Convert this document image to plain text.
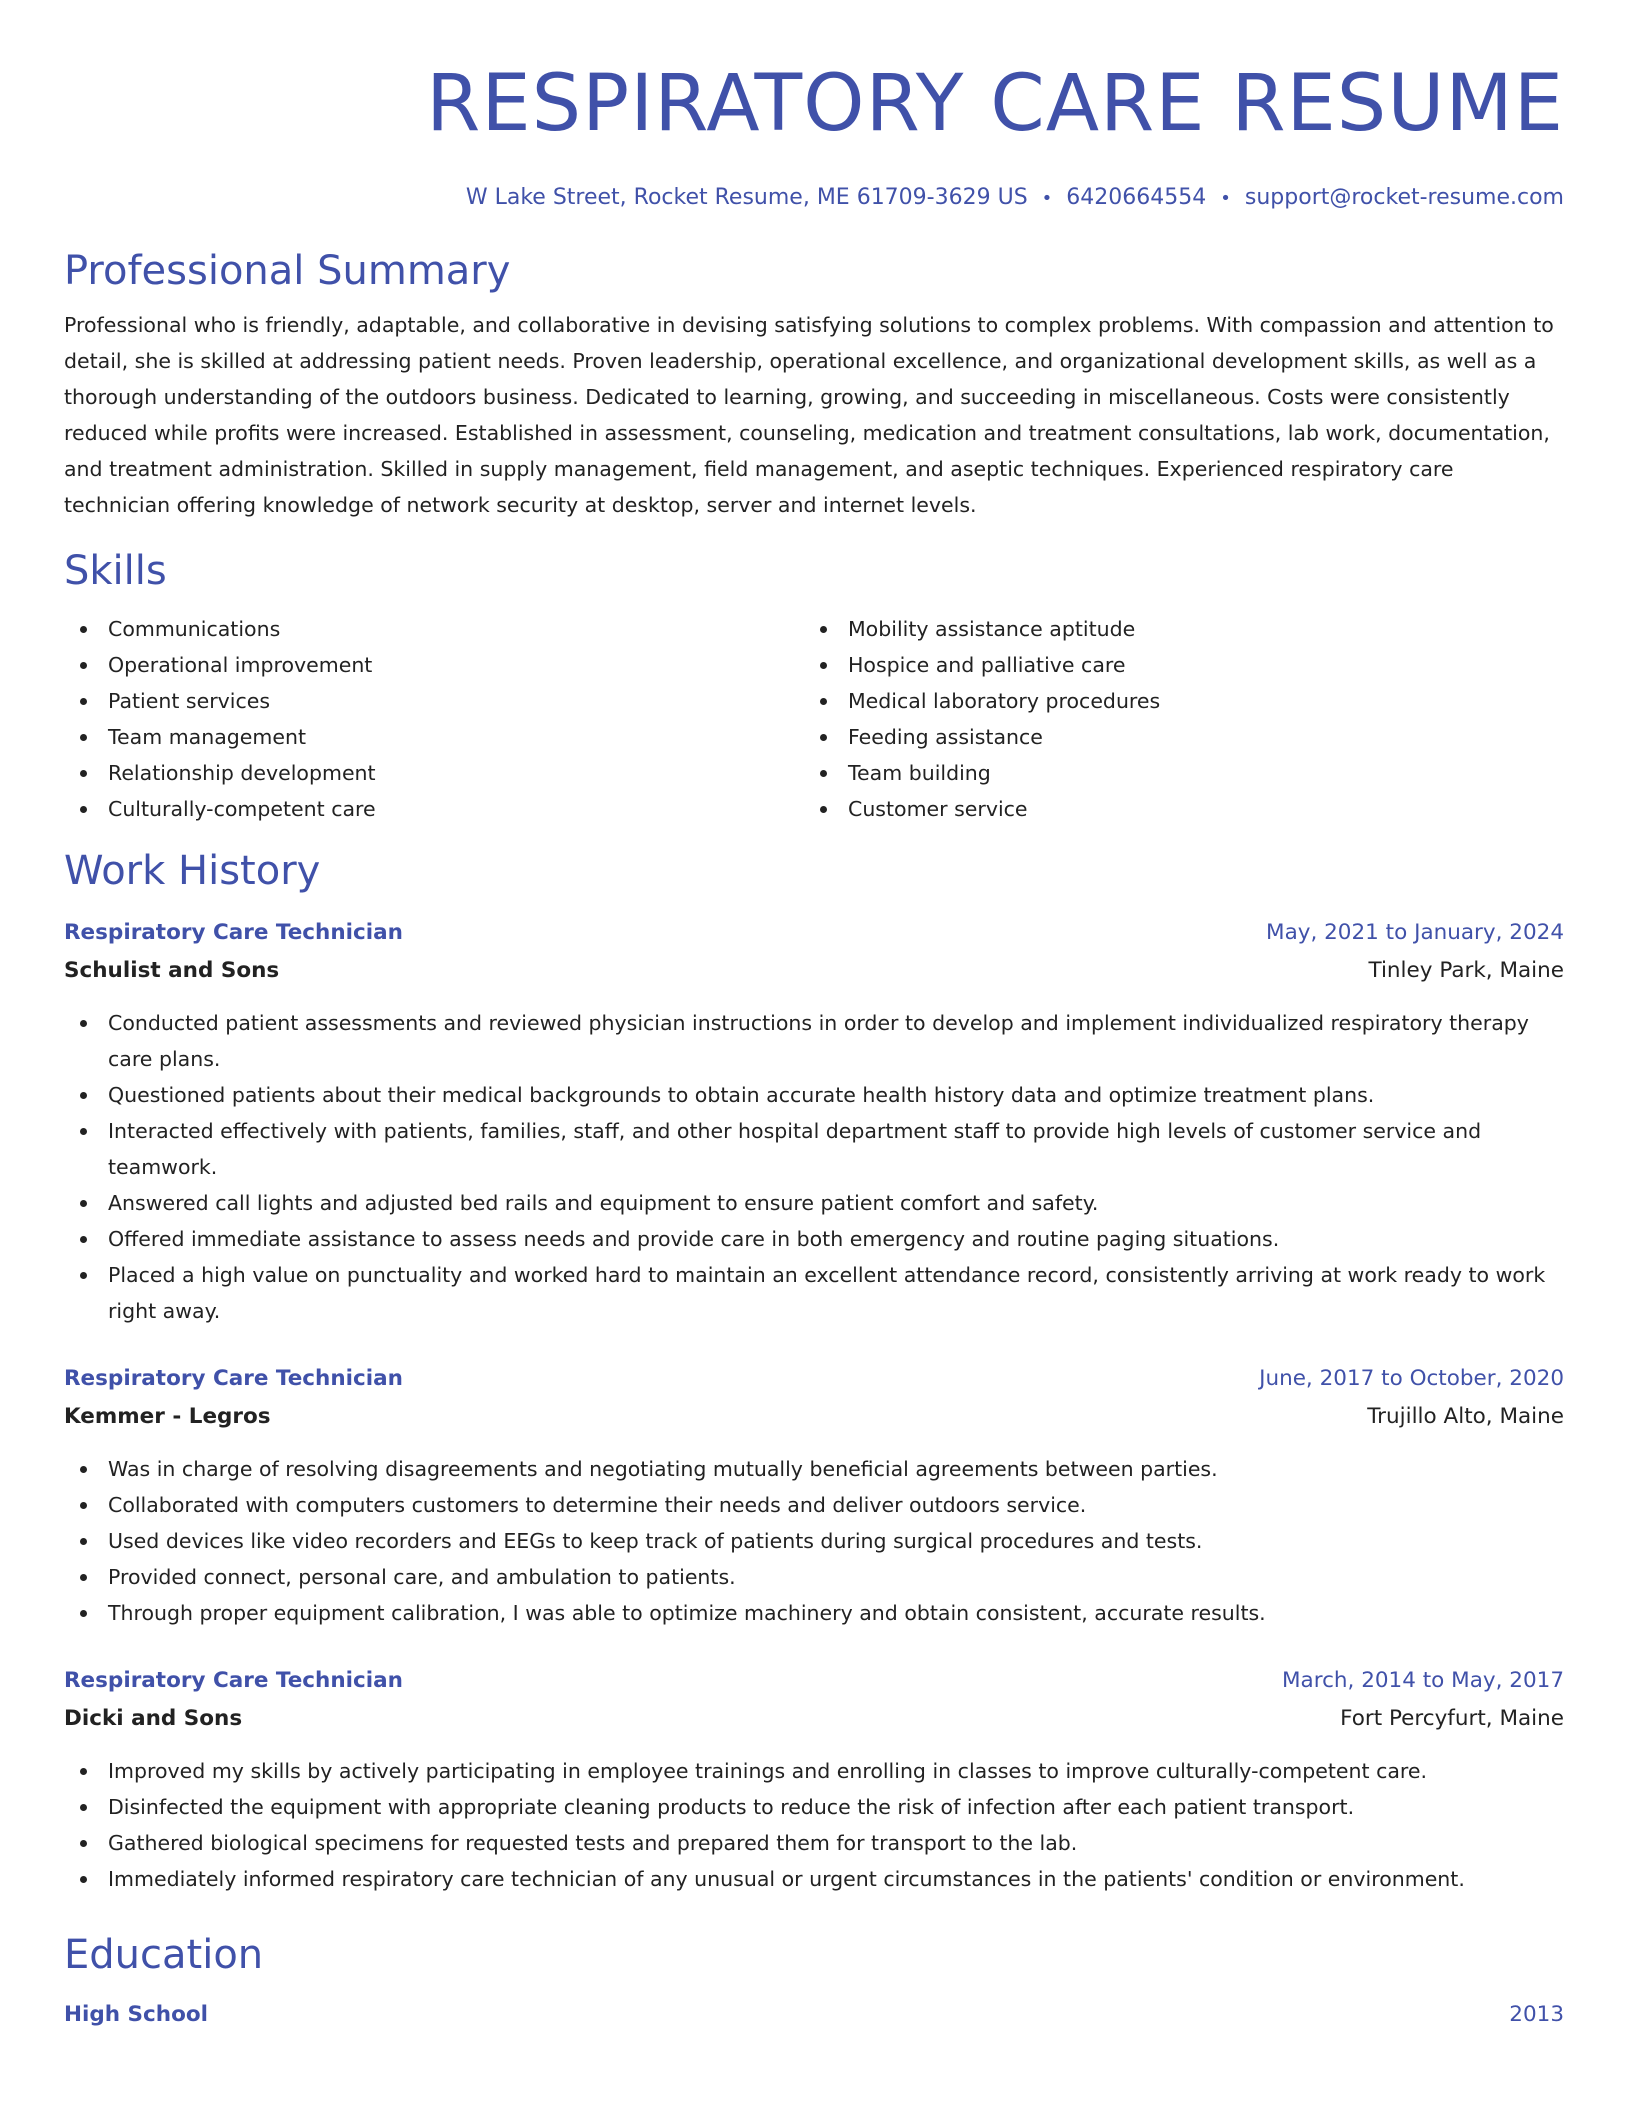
RESPIRATORY CARE RESUME
W Lake Street, Rocket Resume, ME 61709-3629 US • 6420664554 • support@rocket-resume.com
Professional Summary

Professional who is friendly, adaptable, and collaborative in devising satisfying solutions to complex problems. With compassion and attention to detail, she is skilled at addressing patient needs. Proven leadership, operational excellence, and organizational development skills, as well as a thorough understanding of the outdoors business. Dedicated to learning, growing, and succeeding in miscellaneous. Costs were consistently reduced while profits were increased. Established in assessment, counseling, medication and treatment consultations, lab work, documentation, and treatment administration. Skilled in supply management, field management, and aseptic techniques. Experienced respiratory care technician offering knowledge of network security at desktop, server and internet levels.

Skills
Communications
Operational improvement
Patient services
Team management
Relationship development
Culturally-competent care
Mobility assistance aptitude
Hospice and palliative care
Medical laboratory procedures
Feeding assistance
Team building
Customer service
Work History
Respiratory Care Technician	May, 2021 to January, 2024
Schulist and Sons	Tinley Park, Maine
Conducted patient assessments and reviewed physician instructions in order to develop and implement individualized respiratory therapy care plans.
Questioned patients about their medical backgrounds to obtain accurate health history data and optimize treatment plans.
Interacted effectively with patients, families, staff, and other hospital department staff to provide high levels of customer service and teamwork.
Answered call lights and adjusted bed rails and equipment to ensure patient comfort and safety.
Offered immediate assistance to assess needs and provide care in both emergency and routine paging situations.
Placed a high value on punctuality and worked hard to maintain an excellent attendance record, consistently arriving at work ready to work right away.
Respiratory Care Technician	June, 2017 to October, 2020
Kemmer - Legros	Trujillo Alto, Maine
Was in charge of resolving disagreements and negotiating mutually beneficial agreements between parties.
Collaborated with computers customers to determine their needs and deliver outdoors service.
Used devices like video recorders and EEGs to keep track of patients during surgical procedures and tests.
Provided connect, personal care, and ambulation to patients.
Through proper equipment calibration, I was able to optimize machinery and obtain consistent, accurate results.
Respiratory Care Technician	March, 2014 to May, 2017
Dicki and Sons	Fort Percyfurt, Maine
Improved my skills by actively participating in employee trainings and enrolling in classes to improve culturally-competent care.
Disinfected the equipment with appropriate cleaning products to reduce the risk of infection after each patient transport.
Gathered biological specimens for requested tests and prepared them for transport to the lab.
Immediately informed respiratory care technician of any unusual or urgent circumstances in the patients' condition or environment.
Education
High School	2013
